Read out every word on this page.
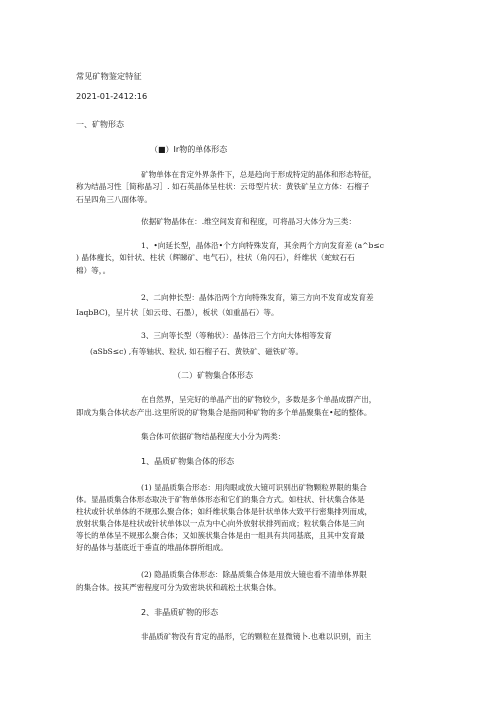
常见矿物鉴定特征
2021-01-2412:16
一、矿物形态
（■）Ir物的单体形态
矿物单体在肯定外界条件下，总是趋向于形成特定的晶体和形态特征，
称为结晶习性［简称晶习］. 如石英晶体呈柱状：云母型片状：黄铁矿呈立方体：石榴子
石呈四角三八面体等。
依据矿物晶体在：.维空间发育和程度，可将晶习大体分为三类：
1、•向延长型，晶体沿•个方向特殊发育，其余两个方向发育差 (a^b≤c
) 晶体瘦长，如针状、柱状（辉睇矿、电气石），柱状（角闪石），纤维状（蛇蚊石石
棉）等，。
2、二向伸长型：晶体沿两个方向特殊发育，第三方向不发育或发育差
IaqbBC)，呈片状［如云母、石墨），板状（如重晶石）等。
3、三向等长型（等釉状）：晶体沿三个方向大体相等发育
(aSbS≤c) ,有等轴状、粒状, 如石榴子石、黄铁矿、磁铁矿等。
（二）矿物集合体形态
在自然界，呈完好的单晶产出的矿物较少，多数是多个单晶成群产出，
即成为集合体状态产出.这里所说的矿物集合是指同种矿物的多个单晶聚集在•起的整体。
集合体可依据矿物结晶程度大小分为两类：
1、晶质矿物集合体的形态
(1) 显晶质集合形态：用肉眼或放大镜可识别出矿物颗粒界限的集合
体。显晶质集合体形态取决于矿物单体形态和它们的集合方式。如柱状、针状集合体是
柱状或针状单体的不规那么聚合体；如纤维状集合体是针状单体大致平行密集排列而成，
放射状集合体是柱状或针状单体以一点为中心向外放射状排列而成；粒状集合体是三向
等长的单体呈不规那么聚合体；又如簇状集合体是由一组具有共同基底，且其中发育最
好的晶体与基底近于垂直的堆晶体群所组成。
(2) 隐晶质集合体形态：除晶质集合体是用放大镜也看不清单体界限
的集合体。按其严密程度可分为致密块状和疏松土状集合体。
2、非晶质矿物的形态
非晶质矿物没有肯定的晶形，它的颗粒在显微镜卜.也难以识别，而主
